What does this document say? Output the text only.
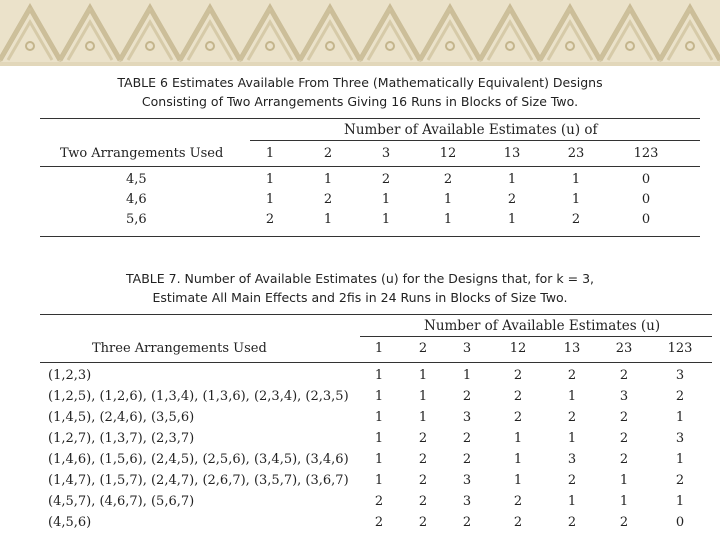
TABLE 6 Estimates Available From Three (Mathematically Equivalent) Designs
Consisting of Two Arrangements Giving 16 Runs in Blocks of Size Two.
Number of Available Estimates (u) of
Two Arrangements Used	1	2	3	12	13	23	123
4,5	1	1	2	2	1	1	0
4,6	1	2	1	1	2	1	0
5,6	2	1	1	1	1	2	0
TABLE 7. Number of Available Estimates (u) for the Designs that, for k = 3,
Estimate All Main Effects and 2fis in 24 Runs in Blocks of Size Two.
Number of Available Estimates (u)
Three Arrangements Used	1	2	3	12	13	23	123
(1,2,3)	1	1	1	2	2	2	3
(1,2,5), (1,2,6), (1,3,4), (1,3,6), (2,3,4), (2,3,5)	1	1	2	2	1	3	2
(1,4,5), (2,4,6), (3,5,6)	1	1	3	2	2	2	1
(1,2,7), (1,3,7), (2,3,7)	1	2	2	1	1	2	3
(1,4,6), (1,5,6), (2,4,5), (2,5,6), (3,4,5), (3,4,6)	1	2	2	1	3	2	1
(1,4,7), (1,5,7), (2,4,7), (2,6,7), (3,5,7), (3,6,7)	1	2	3	1	2	1	2
(4,5,7), (4,6,7), (5,6,7)	2	2	3	2	1	1	1
(4,5,6)	2	2	2	2	2	2	0
